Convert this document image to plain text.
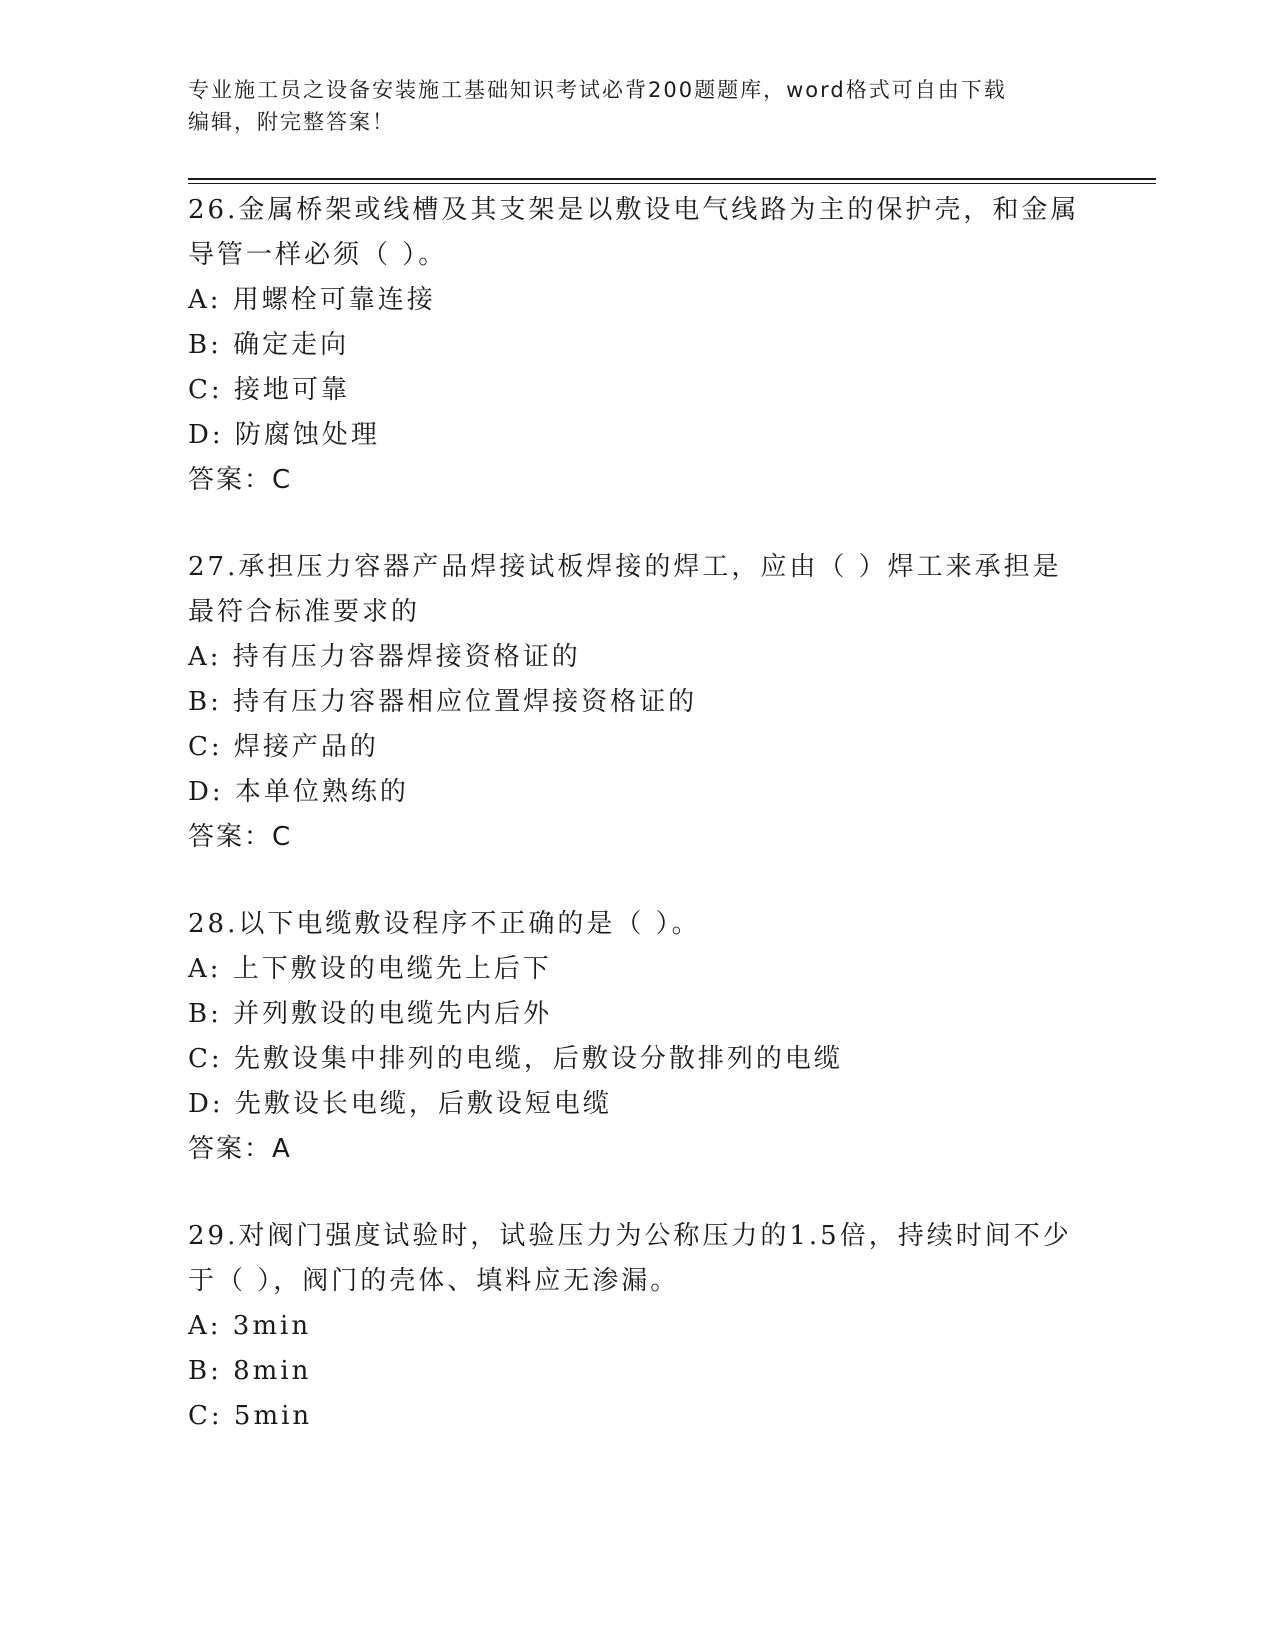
专业施工员之设备安装施工基础知识考试必背200题题库，word格式可自由下载
编辑，附完整答案！

26.金属桥架或线槽及其支架是以敷设电气线路为主的保护壳，和金属

导管一样必须（ ）。

A: 用螺栓可靠连接

B: 确定走向

C: 接地可靠

D: 防腐蚀处理

答案：C

27.承担压力容器产品焊接试板焊接的焊工，应由（ ）焊工来承担是

最符合标准要求的

A: 持有压力容器焊接资格证的

B: 持有压力容器相应位置焊接资格证的

C: 焊接产品的

D: 本单位熟练的

答案：C

28.以下电缆敷设程序不正确的是（ ）。

A: 上下敷设的电缆先上后下

B: 并列敷设的电缆先内后外

C: 先敷设集中排列的电缆，后敷设分散排列的电缆

D: 先敷设长电缆，后敷设短电缆

答案：A

29.对阀门强度试验时，试验压力为公称压力的1.5倍，持续时间不少

于（ ），阀门的壳体、填料应无渗漏。

A: 3min

B: 8min

C: 5min
